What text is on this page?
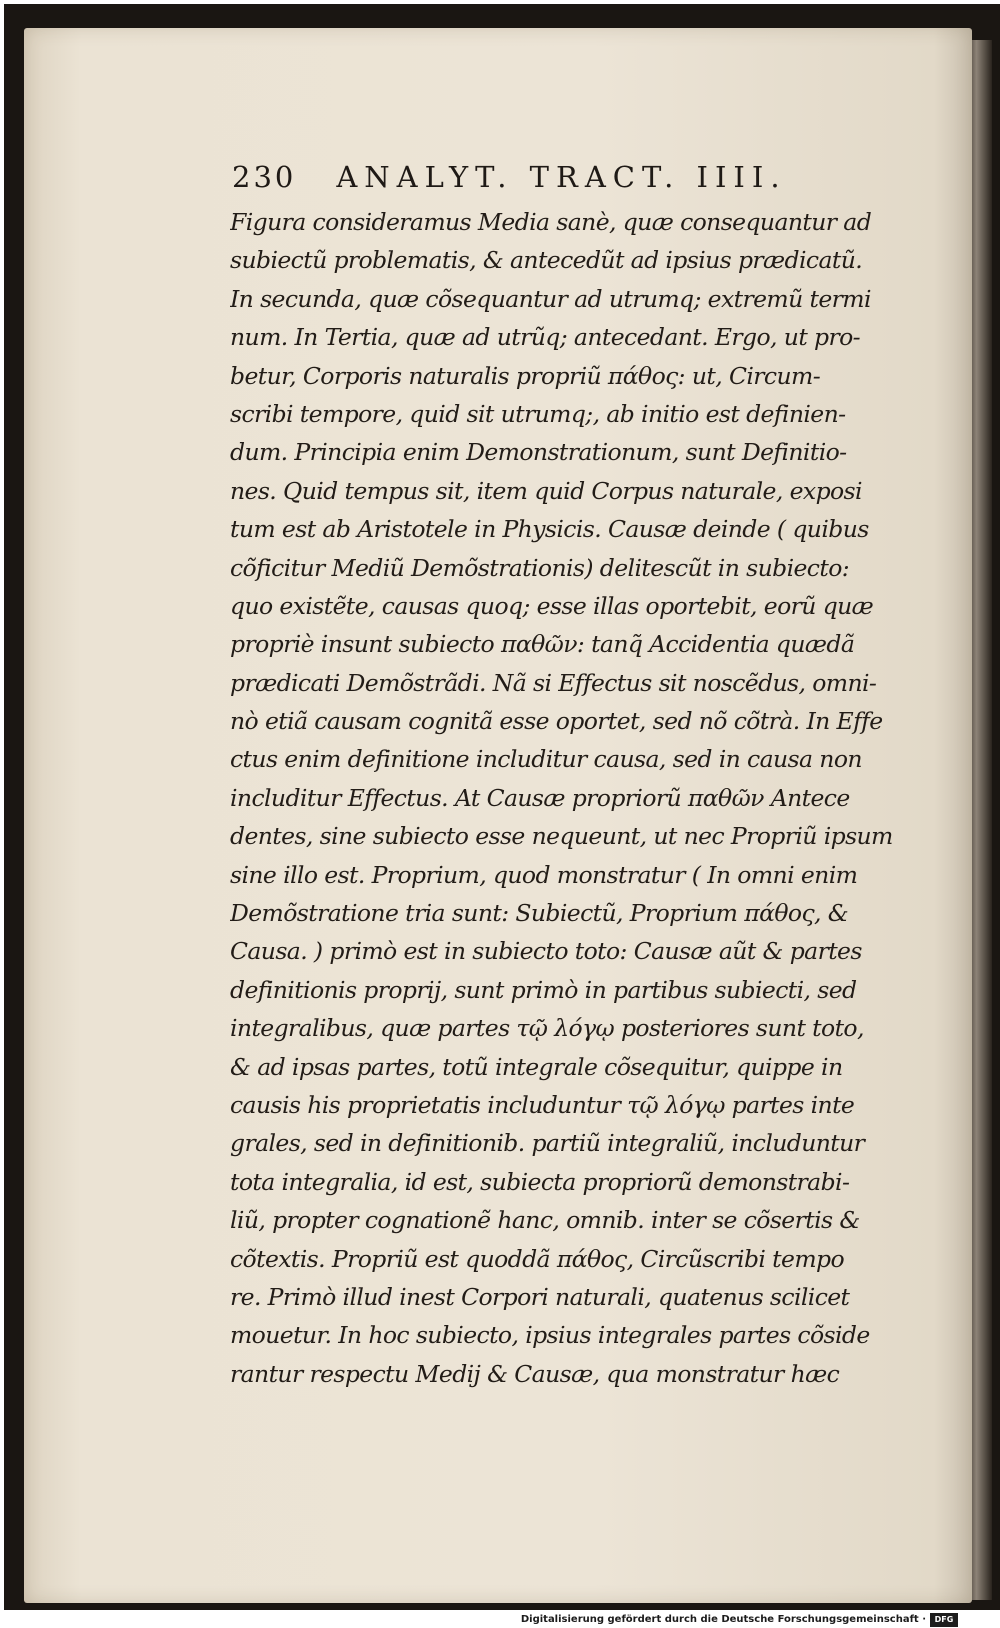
230 ANALYT. TRACT. IIII.
Figura consideramus Media sanè, quæ consequantur ad
subiectũ problematis, & antecedũt ad ipsius prædicatũ.
In secunda, quæ cõsequantur ad utrumq; extremũ termi
num. In Tertia, quæ ad utrũq; antecedant. Ergo, ut pro-
betur, Corporis naturalis propriũ πάθος: ut, Circum-
scribi tempore, quid sit utrumq;, ab initio est definien-
dum. Principia enim Demonstrationum, sunt Definitio-
nes. Quid tempus sit, item quid Corpus naturale, exposi
tum est ab Aristotele in Physicis. Causæ deinde ( quibus
cõficitur Mediũ Demõstrationis) delitescũt in subiecto:
quo existẽte, causas quoq; esse illas oportebit, eorũ quæ
propriè insunt subiecto παθῶν: tanq̃ Accidentia quædã
prædicati Demõstrãdi. Nã si Effectus sit noscẽdus, omni-
nò etiã causam cognitã esse oportet, sed nõ cõtrà. In Effe
ctus enim definitione includitur causa, sed in causa non
includitur Effectus. At Causæ propriorũ παθῶν Antece
dentes, sine subiecto esse nequeunt, ut nec Propriũ ipsum
sine illo est. Proprium, quod monstratur ( In omni enim
Demõstratione tria sunt: Subiectũ, Proprium πάθος, &
Causa. ) primò est in subiecto toto: Causæ aũt & partes
definitionis proprij, sunt primò in partibus subiecti, sed
integralibus, quæ partes τῷ λόγῳ posteriores sunt toto,
& ad ipsas partes, totũ integrale cõsequitur, quippe in
causis his proprietatis includuntur τῷ λόγῳ partes inte
grales, sed in definitionib. partiũ integraliũ, includuntur
tota integralia, id est, subiecta propriorũ demonstrabi-
liũ, propter cognationẽ hanc, omnib. inter se cõsertis &
cõtextis. Propriũ est quoddã πάθος, Circũscribi tempo
re. Primò illud inest Corpori naturali, quatenus scilicet
mouetur. In hoc subiecto, ipsius integrales partes cõside
rantur respectu Medij & Causæ, qua monstratur hæc
Digitalisierung gefördert durch die Deutsche Forschungsgemeinschaft ·	DFG
